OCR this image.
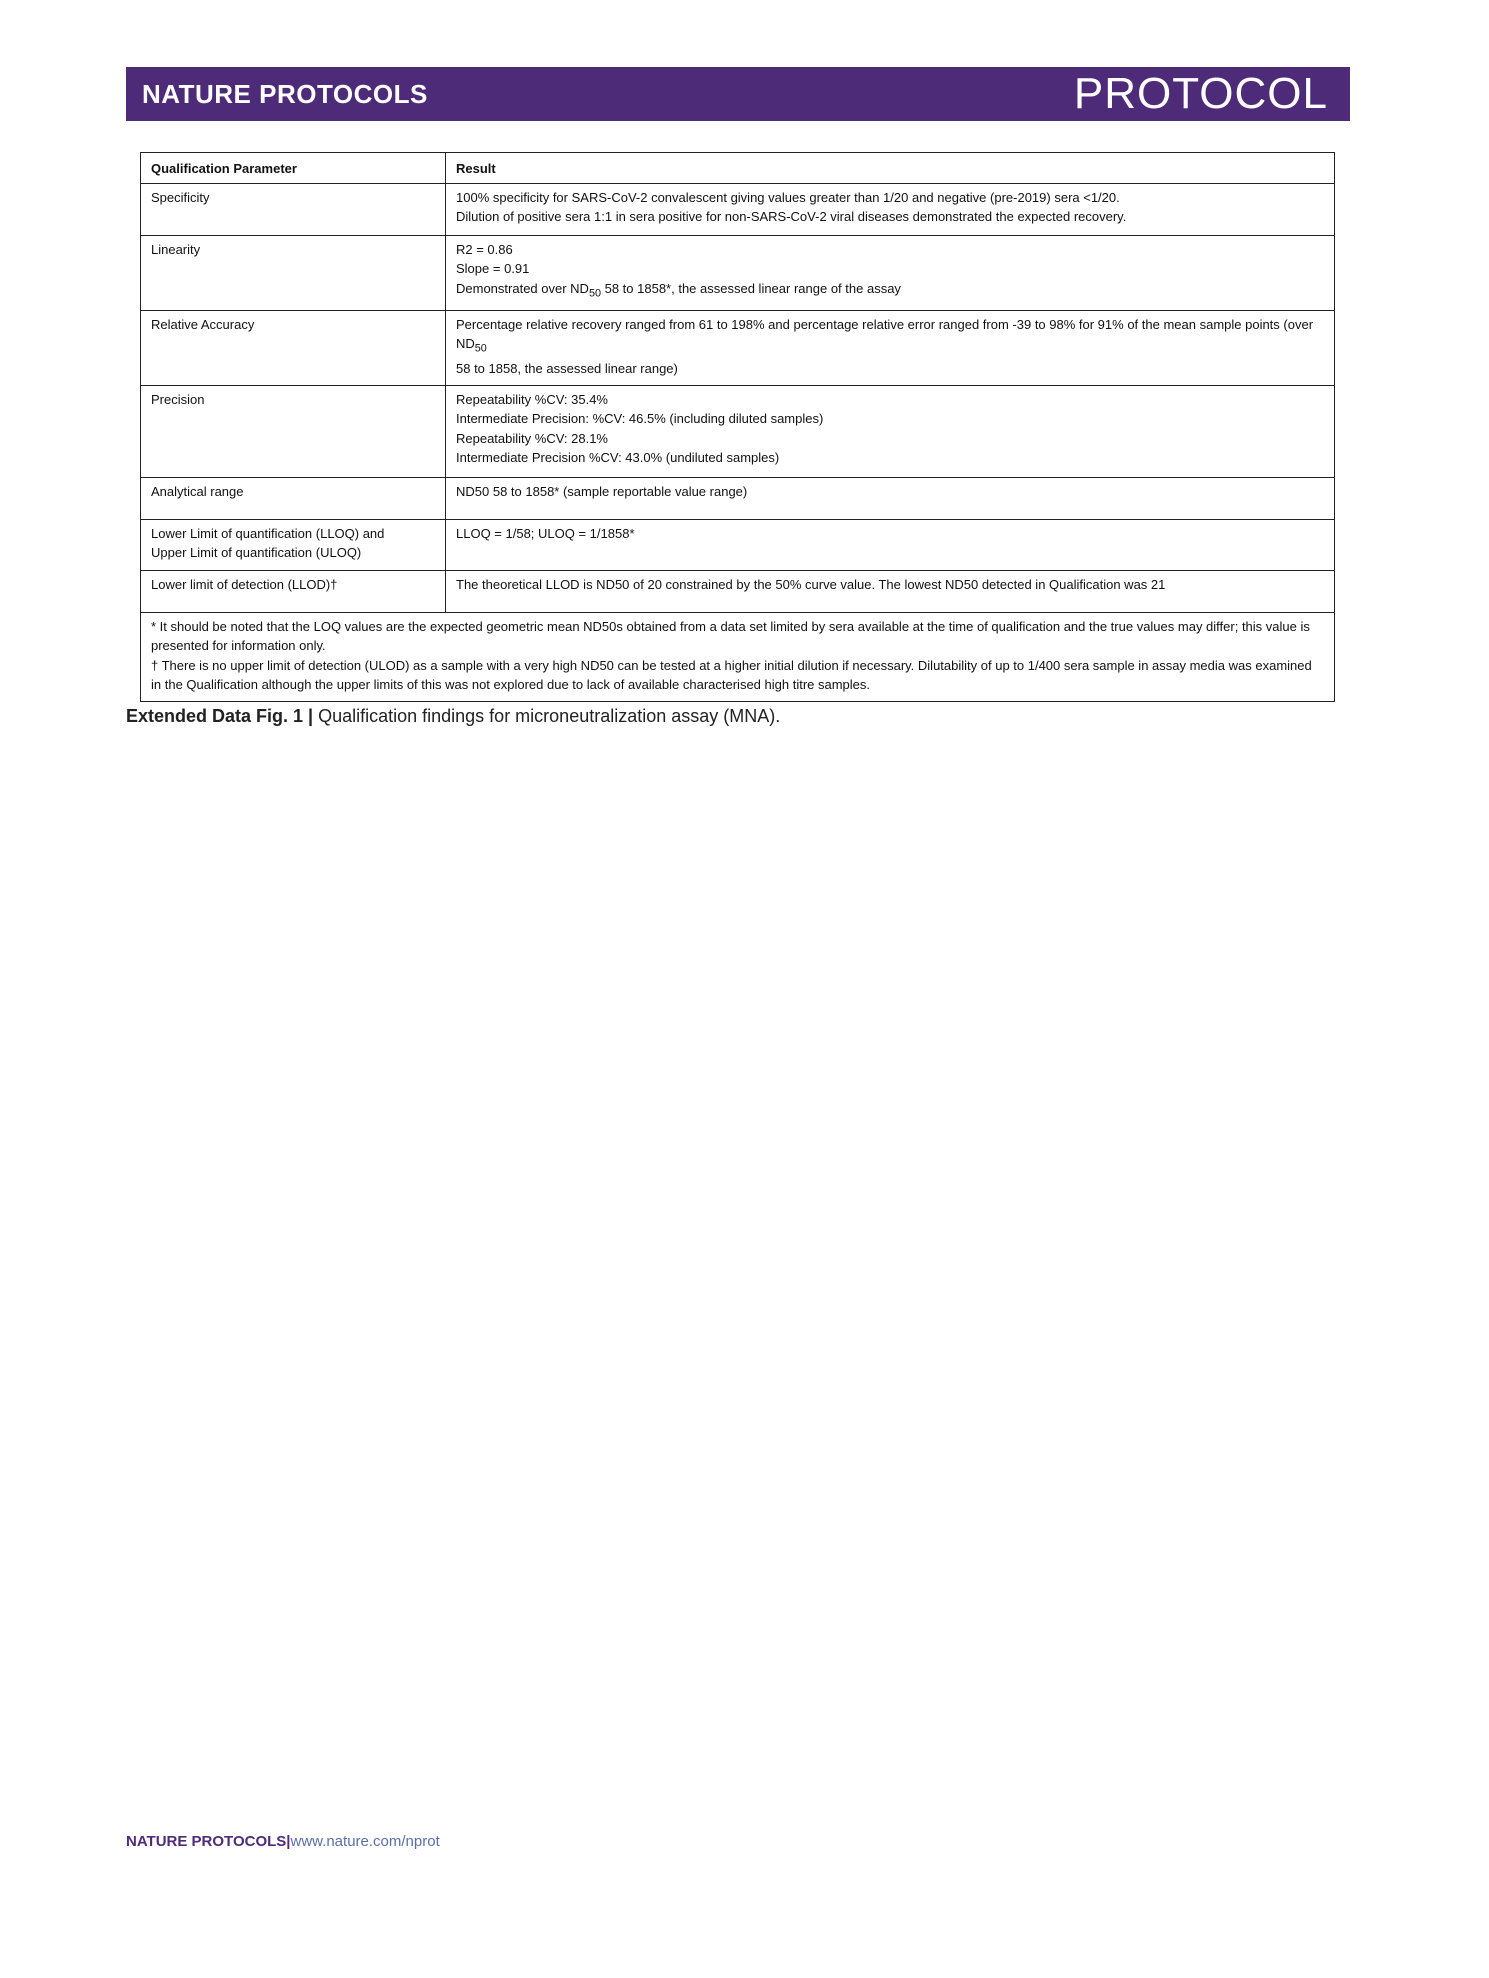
NATURE PROTOCOLS	PROTOCOL
Qualification Parameter	Result
Specificity	100% specificity for SARS-CoV-2 convalescent giving values greater than 1/20 and negative (pre-2019) sera <1/20.
Dilution of positive sera 1:1 in sera positive for non-SARS-CoV-2 viral diseases demonstrated the expected recovery.

Linearity	R2 = 0.86
Slope = 0.91
Demonstrated over $ND_{50}$ 58 to 1858*, the assessed linear range of the assay

Relative Accuracy	Percentage relative recovery ranged from 61 to 198% and percentage relative error ranged from -39 to 98% for 91% of the mean sample points (over $ND_{50}$
58 to 1858, the assessed linear range)

Precision	Repeatability %CV: 35.4%
Intermediate Precision: %CV: 46.5% (including diluted samples)
Repeatability %CV: 28.1%
Intermediate Precision %CV: 43.0% (undiluted samples)

Analytical range	ND50 58 to 1858* (sample reportable value range)

Lower Limit of quantification (LLOQ) and
Upper Limit of quantification (ULOQ)	LLOQ = 1/58; ULOQ = 1/1858*

Lower limit of detection (LLOD)†	The theoretical LLOD is ND50 of 20 constrained by the 50% curve value. The lowest ND50 detected in Qualification was 21

* It should be noted that the LOQ values are the expected geometric mean ND50s obtained from a data set limited by sera available at the time of qualification and the true values may differ; this value is presented for information only.
† There is no upper limit of detection (ULOD) as a sample with a very high ND50 can be tested at a higher initial dilution if necessary. Dilutability of up to 1/400 sera sample in assay media was examined in the Qualification although the upper limits of this was not explored due to lack of available characterised high titre samples.	
Extended Data Fig. 1 | Qualification findings for microneutralization assay (MNA).
NATURE PROTOCOLS|www.nature.com/nprot
